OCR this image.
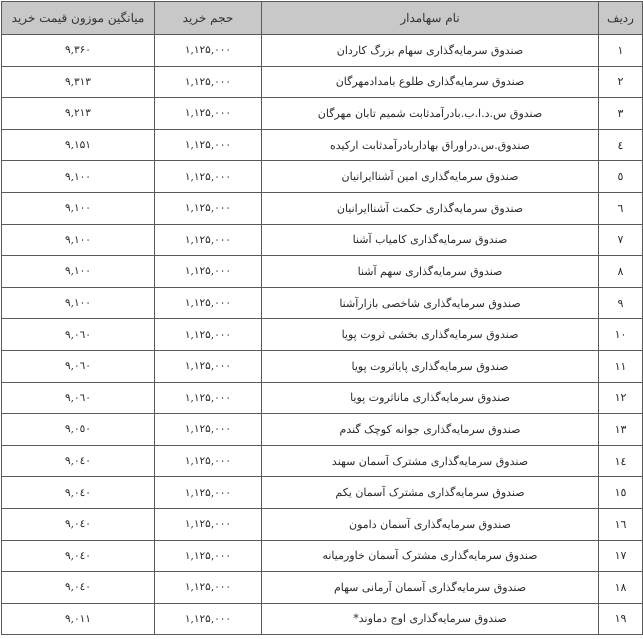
ردیف	نام سهامدار	حجم خرید	میانگین موزون قیمت خرید
۱	صندوق سرمایه‌گذاری سهام بزرگ کاردان	۱,۱۲۵,۰۰۰	۹,۳۶۰
۲	صندوق سرمایه‌گذاری طلوع بامدادمهرگان	۱,۱۲۵,۰۰۰	۹,۳۱۳
۳	صندوق س.د.ا.ب.بادرآمدثابت شمیم تابان مهرگان	۱,۱۲۵,۰۰۰	۹,۲۱۳
٤	صندوق.س.دراوراق بهاداربادرآمدثابت ارکیده	۱,۱۲۵,۰۰۰	۹,۱۵۱
٥	صندوق سرمایه‌گذاری امین آشناایرانیان	۱,۱۲۵,۰۰۰	۹,۱۰۰
٦	صندوق سرمایه‌گذاری حکمت آشناایرانیان	۱,۱۲۵,۰۰۰	۹,۱۰۰
۷	صندوق سرمایه‌گذاری کامیاب آشنا	۱,۱۲۵,۰۰۰	۹,۱۰۰
۸	صندوق سرمایه‌گذاری سهم آشنا	۱,۱۲۵,۰۰۰	۹,۱۰۰
۹	صندوق سرمایه‌گذاری شاخصی بازارآشنا	۱,۱۲۵,۰۰۰	۹,۱۰۰
۱۰	صندوق سرمایه‌گذاری بخشی ثروت پویا	۱,۱۲۵,۰۰۰	۹,۰٦۰
۱۱	صندوق سرمایه‌گذاری پایاثروت پویا	۱,۱۲۵,۰۰۰	۹,۰٦۰
۱۲	صندوق سرمایه‌گذاری ماناثروت پویا	۱,۱۲۵,۰۰۰	۹,۰٦۰
۱۳	صندوق سرمایه‌گذاری جوانه کوچک گندم	۱,۱۲۵,۰۰۰	۹,۰٥۰
۱٤	صندوق سرمایه‌گذاری مشترک آسمان سهند	۱,۱۲۵,۰۰۰	۹,۰٤۰
۱٥	صندوق سرمایه‌گذاری مشترک آسمان یکم	۱,۱۲۵,۰۰۰	۹,۰٤۰
۱٦	صندوق سرمایه‌گذاری آسمان دامون	۱,۱۲۵,۰۰۰	۹,۰٤۰
۱۷	صندوق سرمایه‌گذاری مشترک آسمان خاورمیانه	۱,۱۲۵,۰۰۰	۹,۰٤۰
۱۸	صندوق سرمایه‌گذاری آسمان آرمانی سهام	۱,۱۲۵,۰۰۰	۹,۰٤۰
۱۹	صندوق سرمایه‌گذاری اوج دماوند*	۱,۱۲۵,۰۰۰	۹,۰۱۱
